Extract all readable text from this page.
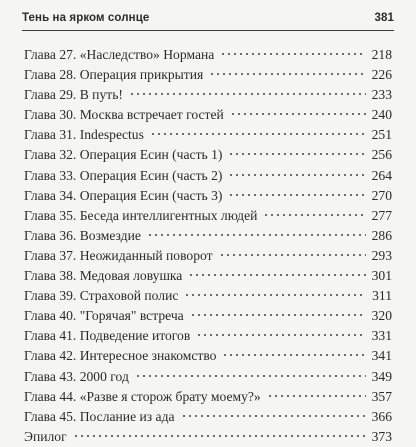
Тень на ярком солнце	381
Глава 27. «Наследство» Нормана	218
Глава 28. Операция прикрытия	226
Глава 29. В путь!	233
Глава 30. Москва встречает гостей	240
Глава 31. Indespectus	251
Глава 32. Операция Есин (часть 1)	256
Глава 33. Операция Есин (часть 2)	264
Глава 34. Операция Есин (часть 3)	270
Глава 35. Беседа интеллигентных людей	277
Глава 36. Возмездие	286
Глава 37. Неожиданный поворот	293
Глава 38. Медовая ловушка	301
Глава 39. Страховой полис	311
Глава 40. "Горячая" встреча	320
Глава 41. Подведение итогов	331
Глава 42. Интересное знакомство	341
Глава 43. 2000 год	349
Глава 44. «Разве я сторож брату моему?»	357
Глава 45. Послание из ада	366
Эпилог	373
